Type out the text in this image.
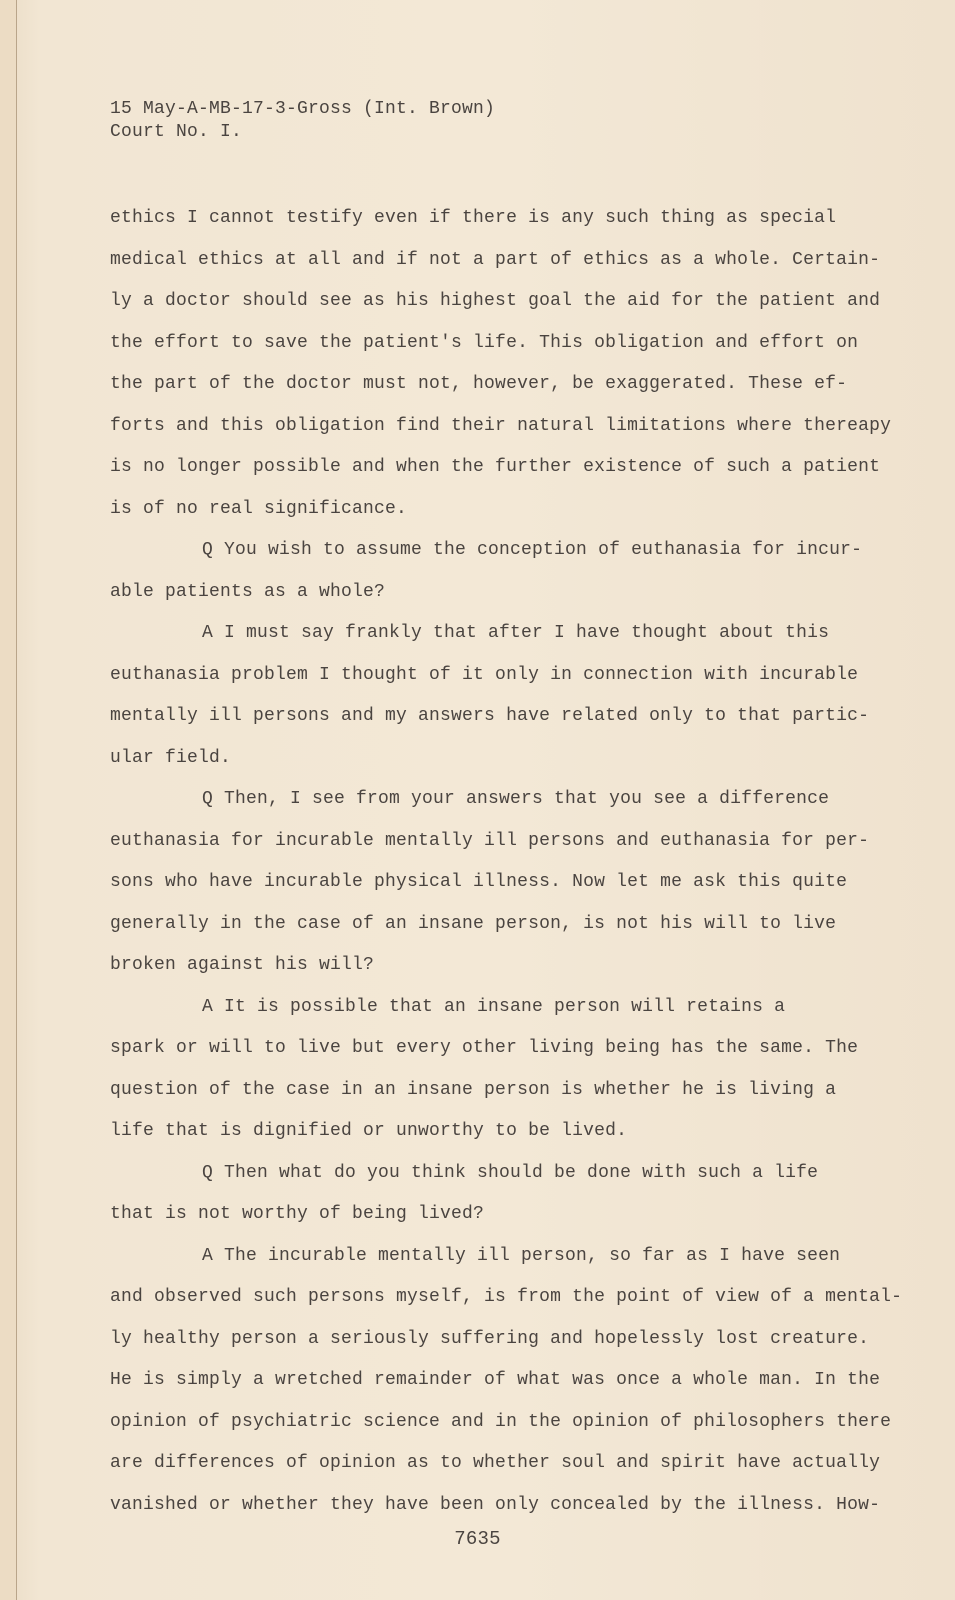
15 May-A-MB-17-3-Gross (Int. Brown)
Court No. I.
ethics I cannot testify even if there is any such thing as special
medical ethics at all and if not a part of ethics as a whole. Certain-
ly a doctor should see as his highest goal the aid for the patient and
the effort to save the patient's life. This obligation and effort on
the part of the doctor must not, however, be exaggerated. These ef-
forts and this obligation find their natural limitations where thereapy
is no longer possible and when the further existence of such a patient
is of no real significance.
Q You wish to assume the conception of euthanasia for incur-
able patients as a whole?
A I must say frankly that after I have thought about this
euthanasia problem I thought of it only in connection with incurable
mentally ill persons and my answers have related only to that partic-
ular field.
Q Then, I see from your answers that you see a difference
euthanasia for incurable mentally ill persons and euthanasia for per-
sons who have incurable physical illness. Now let me ask this quite
generally in the case of an insane person, is not his will to live
broken against his will?
A It is possible that an insane person will retains a
spark or will to live but every other living being has the same. The
question of the case in an insane person is whether he is living a
life that is dignified or unworthy to be lived.
Q Then what do you think should be done with such a life
that is not worthy of being lived?
A The incurable mentally ill person, so far as I have seen
and observed such persons myself, is from the point of view of a mental-
ly healthy person a seriously suffering and hopelessly lost creature.
He is simply a wretched remainder of what was once a whole man. In the
opinion of psychiatric science and in the opinion of philosophers there
are differences of opinion as to whether soul and spirit have actually
vanished or whether they have been only concealed by the illness. How-
7635
